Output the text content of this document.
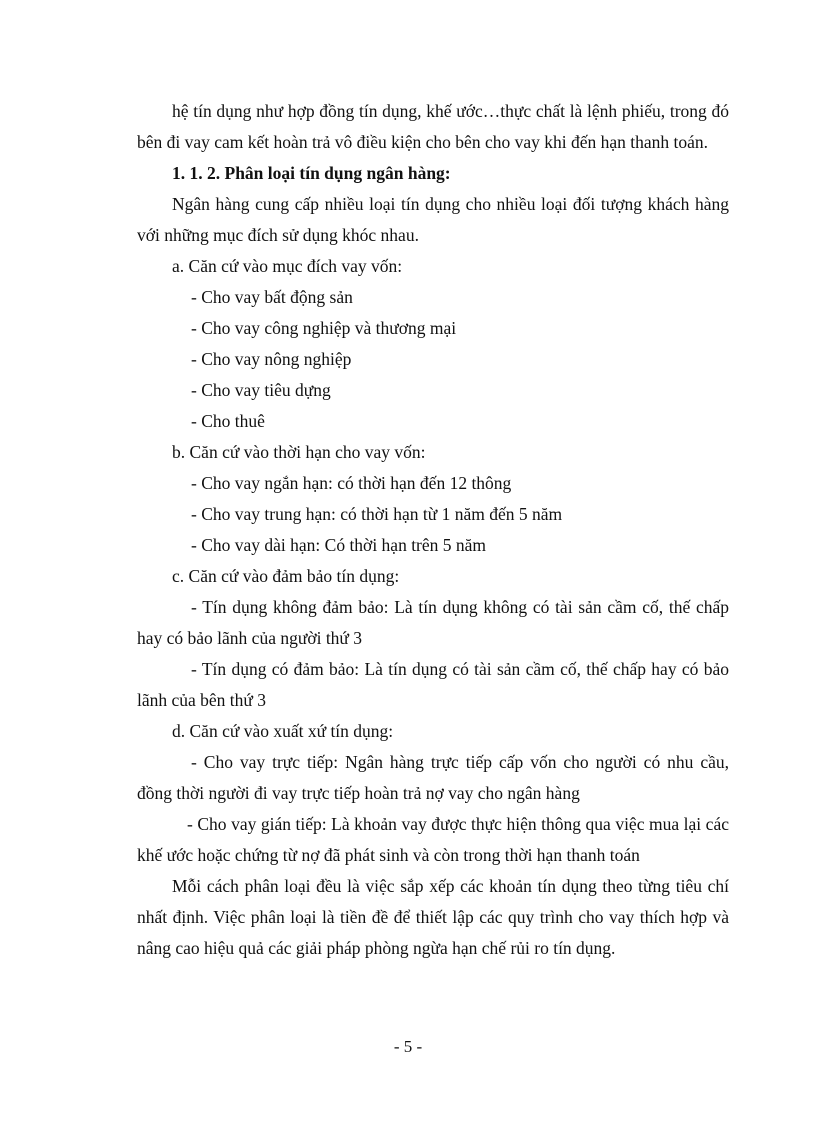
hệ tín dụng như hợp đồng tín dụng, khế ước…thực chất là lệnh phiếu, trong đó bên đi vay cam kết hoàn trả vô điều kiện cho bên cho vay khi đến hạn thanh toán.

1. 1. 2. Phân loại tín dụng ngân hàng:

Ngân hàng cung cấp nhiều loại tín dụng cho nhiều loại đối tượng khách hàng với những mục đích sử dụng khóc nhau.

a. Căn cứ vào mục đích vay vốn:

- Cho vay bất động sản

- Cho vay công nghiệp và thương mại

- Cho vay nông nghiệp

- Cho vay tiêu dựng

- Cho thuê

b. Căn cứ vào thời hạn cho vay vốn:

- Cho vay ngắn hạn: có thời hạn đến 12 thông

- Cho vay trung hạn: có thời hạn từ 1 năm đến 5 năm

- Cho vay dài hạn: Có thời hạn trên 5 năm

c. Căn cứ vào đảm bảo tín dụng:

- Tín dụng không đảm bảo: Là tín dụng không có tài sản cầm cố, thế chấp hay có bảo lãnh của người thứ 3

- Tín dụng có đảm bảo: Là tín dụng có tài sản cầm cố, thế chấp hay có bảo lãnh của bên thứ 3

d. Căn cứ vào xuất xứ tín dụng:

- Cho vay trực tiếp: Ngân hàng trực tiếp cấp vốn cho người có nhu cầu, đồng thời người đi vay trực tiếp hoàn trả nợ vay cho ngân hàng

- Cho vay gián tiếp: Là khoản vay được thực hiện thông qua việc mua lại các khế ước hoặc chứng từ nợ đã phát sinh và còn trong thời hạn thanh toán

Mỗi cách phân loại đều là việc sắp xếp các khoản tín dụng theo từng tiêu chí nhất định. Việc phân loại là tiền đề để thiết lập các quy trình cho vay thích hợp và nâng cao hiệu quả các giải pháp phòng ngừa hạn chế rủi ro tín dụng.

- 5 -
